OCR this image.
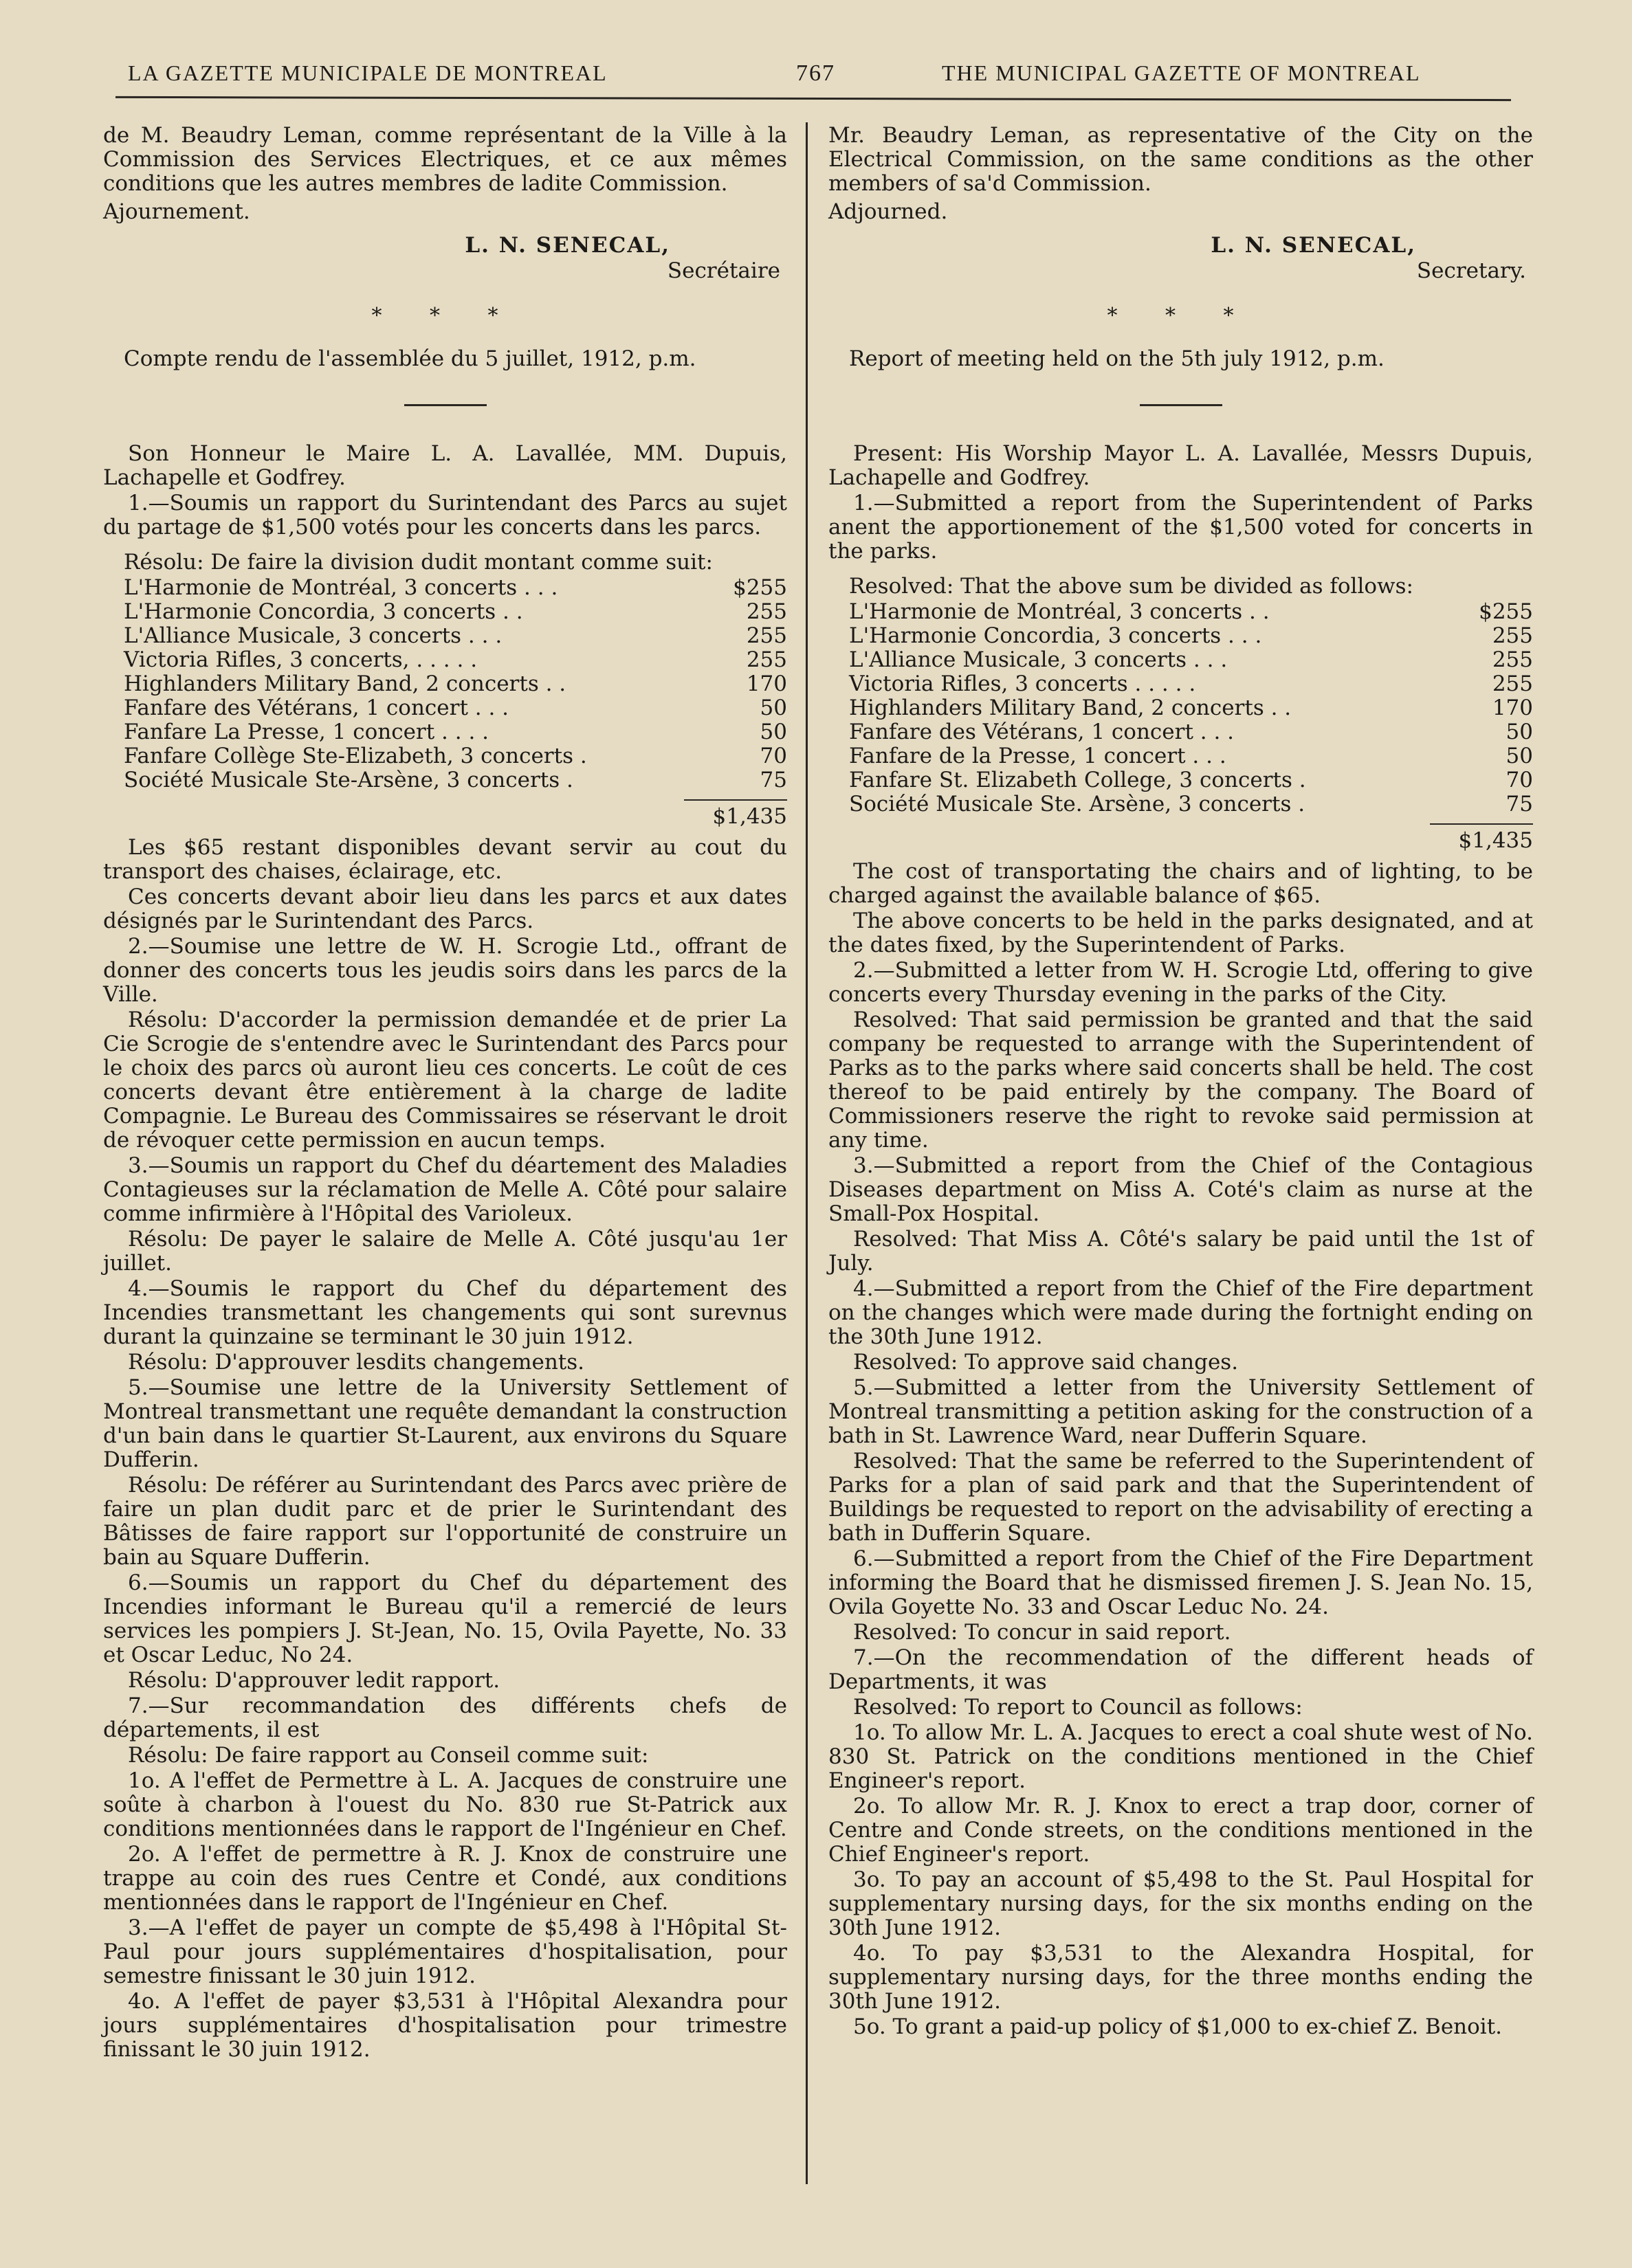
LA GAZETTE MUNICIPALE DE MONTREAL	767	THE MUNICIPAL GAZETTE OF MONTREAL

de M. Beaudry Leman, comme représentant de la Ville à la Commission des Services Electriques, et ce aux mêmes conditions que les autres membres de ladite Commission.

Ajournement.

L. N. SENECAL,

Secrétaire

* * *

Compte rendu de l'assemblée du 5 juillet, 1912, p.m.

Son Honneur le Maire L. A. Lavallée, MM. Dupuis, Lachapelle et Godfrey.

1.—Soumis un rapport du Surintendant des Parcs au sujet du partage de $1,500 votés pour les concerts dans les parcs.

Résolu: De faire la division dudit montant comme suit:
L'Harmonie de Montréal, 3 concerts . . .	$255
L'Harmonie Concordia, 3 concerts . .	255
L'Alliance Musicale, 3 concerts . . .	255
Victoria Rifles, 3 concerts, . . . . .	255
Highlanders Military Band, 2 concerts . .	170
Fanfare des Vétérans, 1 concert . . .	50
Fanfare La Presse, 1 concert . . . .	50
Fanfare Collège Ste-Elizabeth, 3 concerts .	70
Société Musicale Ste-Arsène, 3 concerts .	75
$1,435

Les $65 restant disponibles devant servir au cout du transport des chaises, éclairage, etc.

Ces concerts devant aboir lieu dans les parcs et aux dates désignés par le Surintendant des Parcs.

2.—Soumise une lettre de W. H. Scrogie Ltd., offrant de donner des concerts tous les jeudis soirs dans les parcs de la Ville.

Résolu: D'accorder la permission demandée et de prier La Cie Scrogie de s'entendre avec le Surintendant des Parcs pour le choix des parcs où auront lieu ces concerts. Le coût de ces concerts devant être entièrement à la charge de ladite Compagnie. Le Bureau des Commissaires se réservant le droit de révoquer cette permission en aucun temps.

3.—Soumis un rapport du Chef du déartement des Maladies Contagieuses sur la réclamation de Melle A. Côté pour salaire comme infirmière à l'Hôpital des Varioleux.

Résolu: De payer le salaire de Melle A. Côté jusqu'au 1er juillet.

4.—Soumis le rapport du Chef du département des Incendies transmettant les changements qui sont surevnus durant la quinzaine se terminant le 30 juin 1912.

Résolu: D'approuver lesdits changements.

5.—Soumise une lettre de la University Settlement of Montreal transmettant une requête demandant la construction d'un bain dans le quartier St-Laurent, aux environs du Square Dufferin.

Résolu: De référer au Surintendant des Parcs avec prière de faire un plan dudit parc et de prier le Surintendant des Bâtisses de faire rapport sur l'opportunité de construire un bain au Square Dufferin.

6.—Soumis un rapport du Chef du département des Incendies informant le Bureau qu'il a remercié de leurs services les pompiers J. St-Jean, No. 15, Ovila Payette, No. 33 et Oscar Leduc, No 24.

Résolu: D'approuver ledit rapport.

7.—Sur recommandation des différents chefs de départements, il est

Résolu: De faire rapport au Conseil comme suit:

1o. A l'effet de Permettre à L. A. Jacques de construire une soûte à charbon à l'ouest du No. 830 rue St-Patrick aux conditions mentionnées dans le rapport de l'Ingénieur en Chef.

2o. A l'effet de permettre à R. J. Knox de construire une trappe au coin des rues Centre et Condé, aux conditions mentionnées dans le rapport de l'Ingénieur en Chef.

3.—A l'effet de payer un compte de $5,498 à l'Hôpital St-Paul pour jours supplémentaires d'hospitalisation, pour semestre finissant le 30 juin 1912.

4o. A l'effet de payer $3,531 à l'Hôpital Alexandra pour jours supplémentaires d'hospitalisation pour trimestre finissant le 30 juin 1912.

Mr. Beaudry Leman, as representative of the City on the Electrical Commission, on the same conditions as the other members of sa'd Commission.

Adjourned.

L. N. SENECAL,

Secretary.

* * *

Report of meeting held on the 5th july 1912, p.m.

Present: His Worship Mayor L. A. Lavallée, Messrs Dupuis, Lachapelle and Godfrey.

1.—Submitted a report from the Superintendent of Parks anent the apportionement of the $1,500 voted for concerts in the parks.

Resolved: That the above sum be divided as follows:
L'Harmonie de Montréal, 3 concerts . .	$255
L'Harmonie Concordia, 3 concerts . . .	255
L'Alliance Musicale, 3 concerts . . .	255
Victoria Rifles, 3 concerts . . . . .	255
Highlanders Military Band, 2 concerts . .	170
Fanfare des Vétérans, 1 concert . . .	50
Fanfare de la Presse, 1 concert . . .	50
Fanfare St. Elizabeth College, 3 concerts .	70
Société Musicale Ste. Arsène, 3 concerts .	75
$1,435

The cost of transportating the chairs and of lighting, to be charged against the available balance of $65.

The above concerts to be held in the parks designated, and at the dates fixed, by the Superintendent of Parks.

2.—Submitted a letter from W. H. Scrogie Ltd, offering to give concerts every Thursday evening in the parks of the City.

Resolved: That said permission be granted and that the said company be requested to arrange with the Superintendent of Parks as to the parks where said concerts shall be held. The cost thereof to be paid entirely by the company. The Board of Commissioners reserve the right to revoke said permission at any time.

3.—Submitted a report from the Chief of the Contagious Diseases department on Miss A. Coté's claim as nurse at the Small-Pox Hospital.

Resolved: That Miss A. Côté's salary be paid until the 1st of July.

4.—Submitted a report from the Chief of the Fire department on the changes which were made during the fortnight ending on the 30th June 1912.

Resolved: To approve said changes.

5.—Submitted a letter from the University Settlement of Montreal transmitting a petition asking for the construction of a bath in St. Lawrence Ward, near Dufferin Square.

Resolved: That the same be referred to the Superintendent of Parks for a plan of said park and that the Superintendent of Buildings be requested to report on the advisability of erecting a bath in Dufferin Square.

6.—Submitted a report from the Chief of the Fire Department informing the Board that he dismissed firemen J. S. Jean No. 15, Ovila Goyette No. 33 and Oscar Leduc No. 24.

Resolved: To concur in said report.

7.—On the recommendation of the different heads of Departments, it was

Resolved: To report to Council as follows:

1o. To allow Mr. L. A. Jacques to erect a coal shute west of No. 830 St. Patrick on the conditions mentioned in the Chief Engineer's report.

2o. To allow Mr. R. J. Knox to erect a trap door, corner of Centre and Conde streets, on the conditions mentioned in the Chief Engineer's report.

3o. To pay an account of $5,498 to the St. Paul Hospital for supplementary nursing days, for the six months ending on the 30th June 1912.

4o. To pay $3,531 to the Alexandra Hospital, for supplementary nursing days, for the three months ending the 30th June 1912.

5o. To grant a paid-up policy of $1,000 to ex-chief Z. Benoit.
